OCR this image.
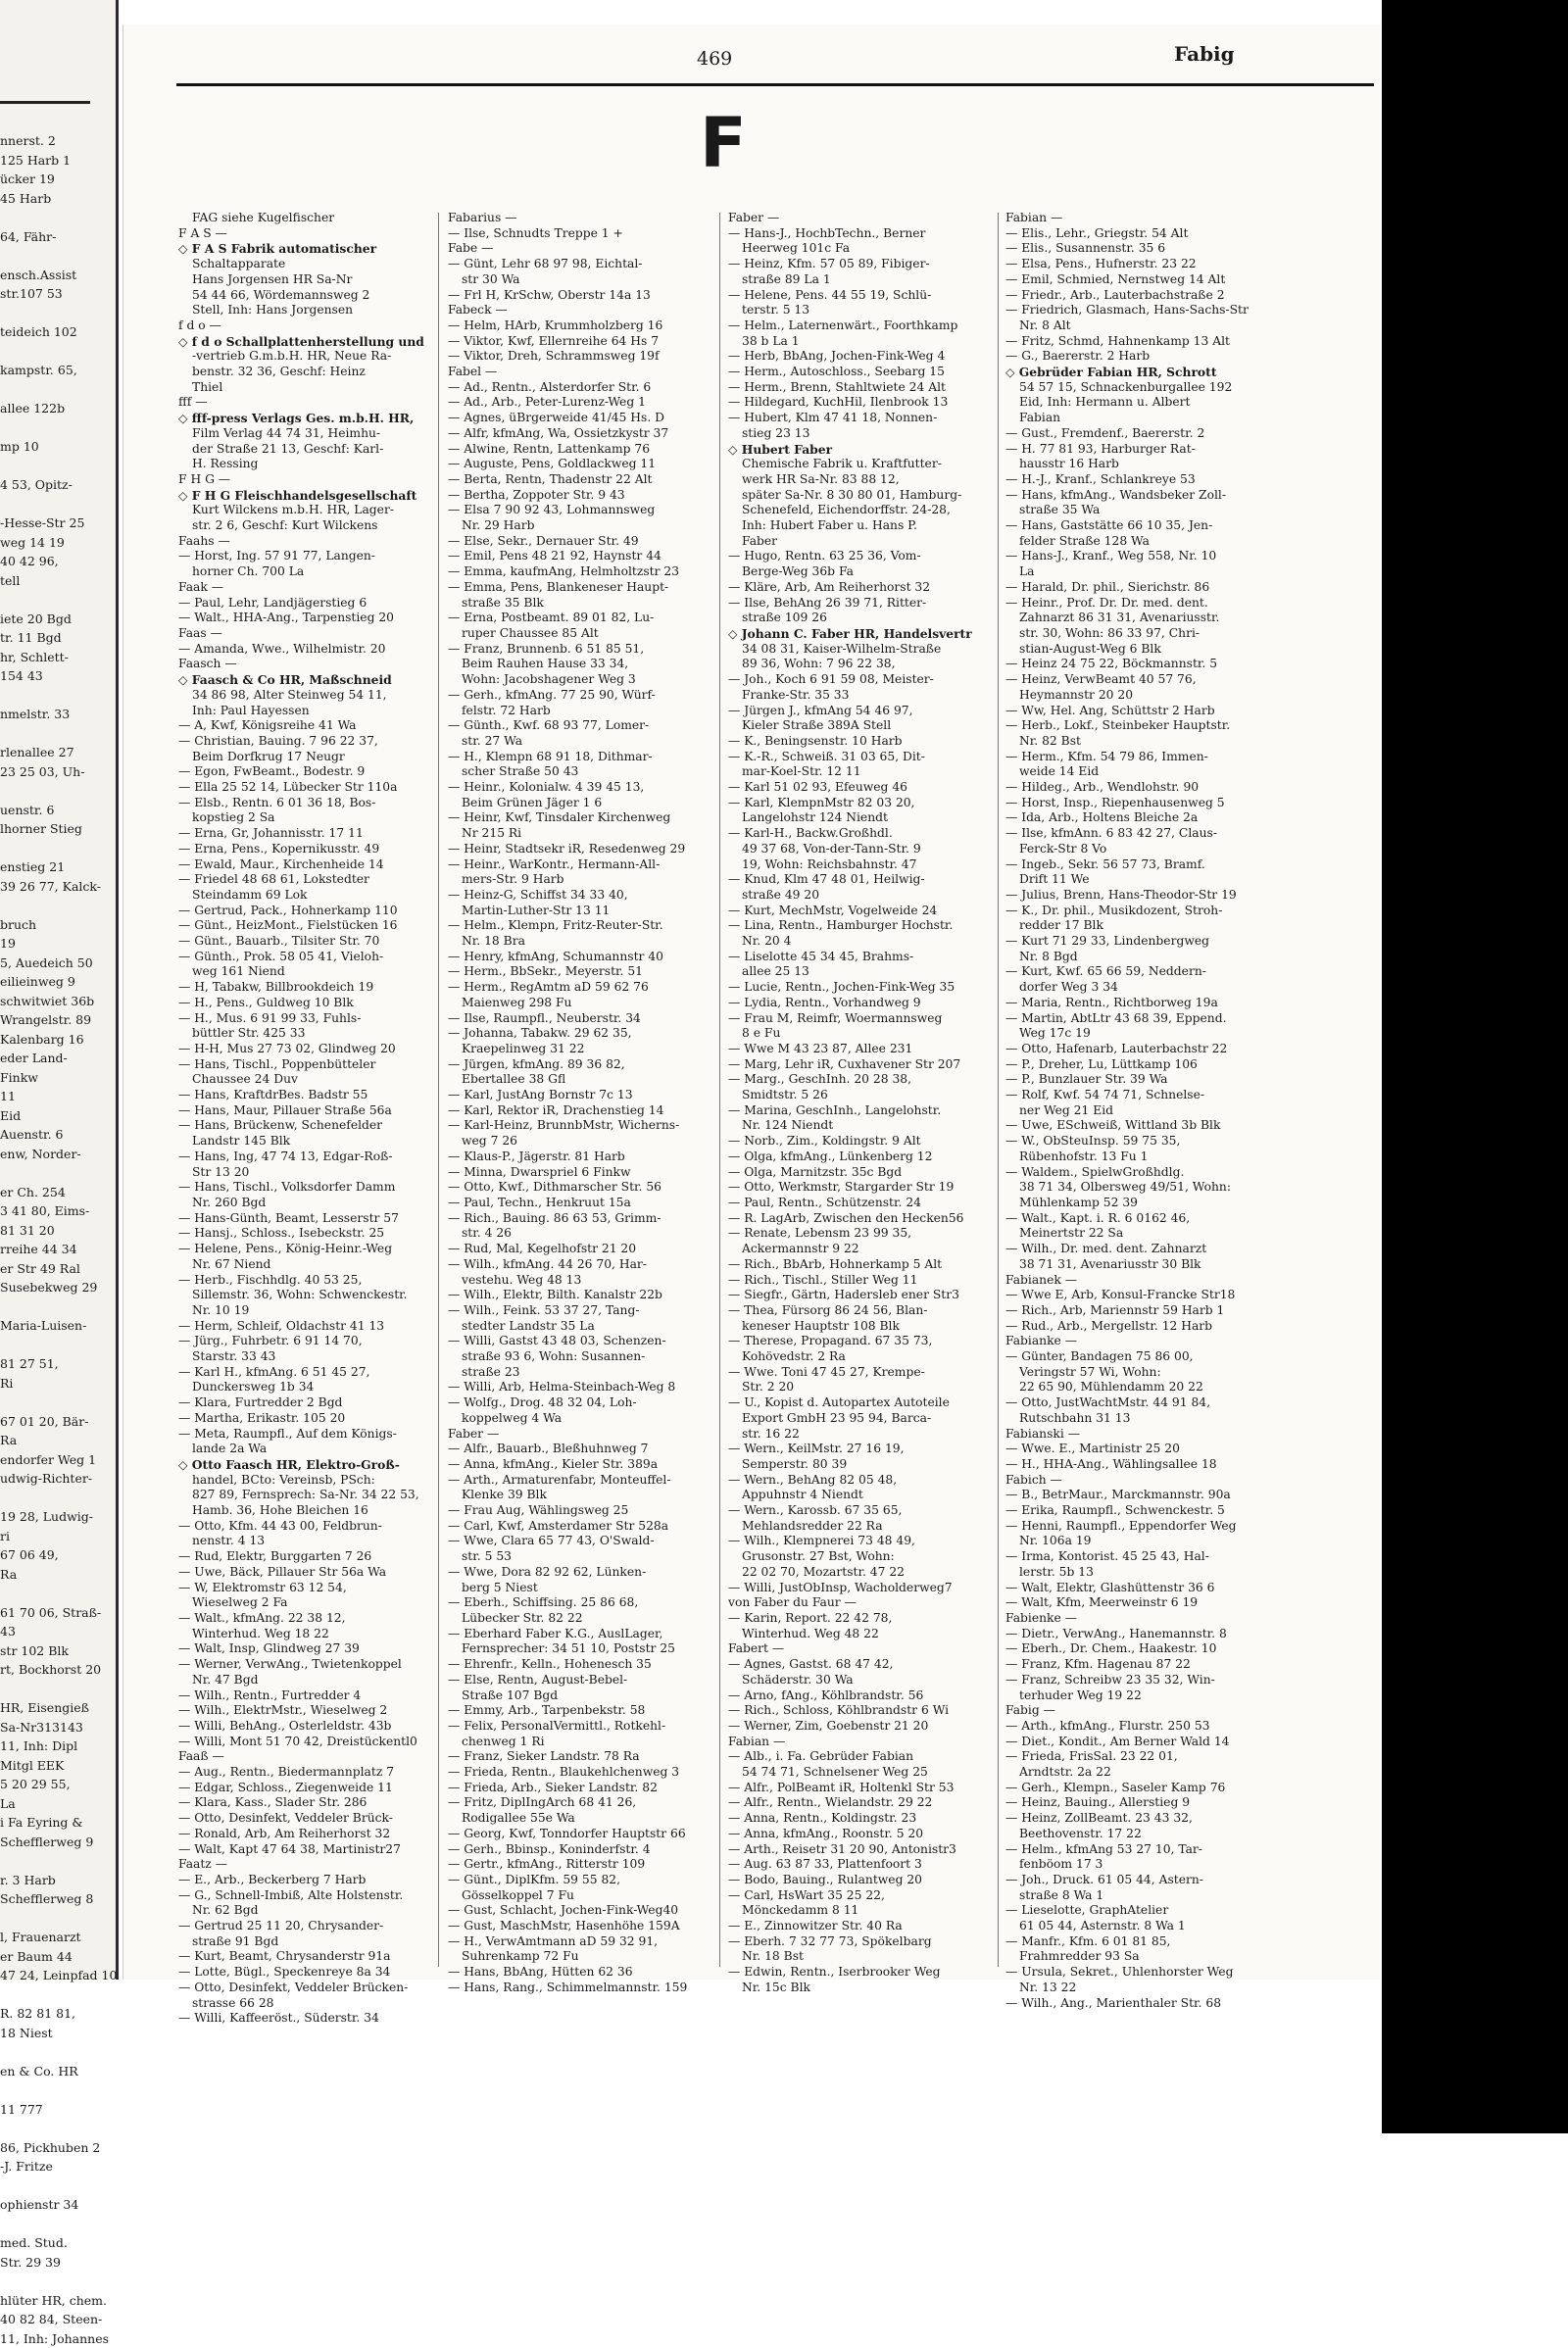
nnerst. 2
125 Harb 1
ücker 19
45 Harb

64, Fähr-

ensch.Assist
str.107 53

teideich 102

kampstr. 65,

allee 122b

mp 10

4 53, Opitz-

-Hesse-Str 25
weg 14 19
40 42 96,
tell

iete 20 Bgd
tr. 11 Bgd
hr, Schlett-
154 43

nmelstr. 33

rlenallee 27
23 25 03, Uh-

uenstr. 6
lhorner Stieg

enstieg 21
39 26 77, Kalck-

bruch
19
5, Auedeich 50
eilieinweg 9
schwitwiet 36b
Wrangelstr. 89
Kalenbarg 16
eder Land-
Finkw
11
Eid
Auenstr. 6
enw, Norder-

er Ch. 254
3 41 80, Eims-
81 31 20
rreihe 44 34
er Str 49 Ral
Susebekweg 29

Maria-Luisen-

81 27 51,
Ri

67 01 20, Bär-
Ra
endorfer Weg 1
udwig-Richter-

19 28, Ludwig-
ri
67 06 49,
Ra

61 70 06, Straß-
43
str 102 Blk
rt, Bockhorst 20

HR, Eisengieß
Sa-Nr313143
11, Inh: Dipl
Mitgl EEK
5 20 29 55,
La
i Fa Eyring &
Schefflerweg 9

r. 3 Harb
Schefflerweg 8

l, Frauenarzt
er Baum 44
47 24, Leinpfad 10

R. 82 81 81,
18 Niest

en & Co. HR

11 777

86, Pickhuben 2
-J. Fritze

ophienstr 34

med. Stud.
Str. 29 39

hlüter HR, chem.
40 82 84, Steen-
11, Inh: Johannes
469	Fabig
F
FAG siehe Kugelfischer
F A S —
◇ F A S Fabrik automatischer
Schaltapparate
Hans Jorgensen HR Sa-Nr
54 44 66, Wördemannsweg 2
Stell, Inh: Hans Jorgensen
f d o —
◇ f d o Schallplattenherstellung und
-vertrieb G.m.b.H. HR, Neue Ra-
benstr. 32 36, Geschf: Heinz
Thiel
fff —
◇ fff-press Verlags Ges. m.b.H. HR,
Film Verlag 44 74 31, Heimhu-
der Straße 21 13, Geschf: Karl-
H. Ressing
F H G —
◇ F H G Fleischhandelsgesellschaft
Kurt Wilckens m.b.H. HR, Lager-
str. 2 6, Geschf: Kurt Wilckens
Faahs —
— Horst, Ing. 57 91 77, Langen-
horner Ch. 700 La
Faak —
— Paul, Lehr, Landjägerstieg 6
— Walt., HHA-Ang., Tarpenstieg 20
Faas —
— Amanda, Wwe., Wilhelmistr. 20
Faasch —
◇ Faasch & Co HR, Maßschneid
34 86 98, Alter Steinweg 54 11,
Inh: Paul Hayessen
— A, Kwf, Königsreihe 41 Wa
— Christian, Bauing. 7 96 22 37,
Beim Dorfkrug 17 Neugr
— Egon, FwBeamt., Bodestr. 9
— Ella 25 52 14, Lübecker Str 110a
— Elsb., Rentn. 6 01 36 18, Bos-
kopstieg 2 Sa
— Erna, Gr, Johannisstr. 17 11
— Erna, Pens., Kopernikusstr. 49
— Ewald, Maur., Kirchenheide 14
— Friedel 48 68 61, Lokstedter
Steindamm 69 Lok
— Gertrud, Pack., Hohnerkamp 110
— Günt., HeizMont., Fielstücken 16
— Günt., Bauarb., Tilsiter Str. 70
— Günth., Prok. 58 05 41, Vieloh-
weg 161 Niend
— H, Tabakw, Billbrookdeich 19
— H., Pens., Guldweg 10 Blk
— H., Mus. 6 91 99 33, Fuhls-
büttler Str. 425 33
— H-H, Mus 27 73 02, Glindweg 20
— Hans, Tischl., Poppenbütteler
Chaussee 24 Duv
— Hans, KraftdrBes. Badstr 55
— Hans, Maur, Pillauer Straße 56a
— Hans, Brückenw, Schenefelder
Landstr 145 Blk
— Hans, Ing, 47 74 13, Edgar-Roß-
Str 13 20
— Hans, Tischl., Volksdorfer Damm
Nr. 260 Bgd
— Hans-Günth, Beamt, Lesserstr 57
— Hansj., Schloss., Isebeckstr. 25
— Helene, Pens., König-Heinr.-Weg
Nr. 67 Niend
— Herb., Fischhdlg. 40 53 25,
Sillemstr. 36, Wohn: Schwenckestr.
Nr. 10 19
— Herm, Schleif, Oldachstr 41 13
— Jürg., Fuhrbetr. 6 91 14 70,
Starstr. 33 43
— Karl H., kfmAng. 6 51 45 27,
Dunckersweg 1b 34
— Klara, Furtredder 2 Bgd
— Martha, Erikastr. 105 20
— Meta, Raumpfl., Auf dem Königs-
lande 2a Wa
◇ Otto Faasch HR, Elektro-Groß-
handel, BCto: Vereinsb, PSch:
827 89, Fernsprech: Sa-Nr. 34 22 53,
Hamb. 36, Hohe Bleichen 16
— Otto, Kfm. 44 43 00, Feldbrun-
nenstr. 4 13
— Rud, Elektr, Burggarten 7 26
— Uwe, Bäck, Pillauer Str 56a Wa
— W, Elektromstr 63 12 54,
Wieselweg 2 Fa
— Walt., kfmAng. 22 38 12,
Winterhud. Weg 18 22
— Walt, Insp, Glindweg 27 39
— Werner, VerwAng., Twietenkoppel
Nr. 47 Bgd
— Wilh., Rentn., Furtredder 4
— Wilh., ElektrMstr., Wieselweg 2
— Willi, BehAng., Osterleldstr. 43b
— Willi, Mont 51 70 42, Dreistückentl0
Faaß —
— Aug., Rentn., Biedermannplatz 7
— Edgar, Schloss., Ziegenweide 11
— Klara, Kass., Slader Str. 286
— Otto, Desinfekt, Veddeler Brück-
— Ronald, Arb, Am Reiherhorst 32
— Walt, Kapt 47 64 38, Martinistr27
Faatz —
— E., Arb., Beckerberg 7 Harb
— G., Schnell-Imbiß, Alte Holstenstr.
Nr. 62 Bgd
— Gertrud 25 11 20, Chrysander-
straße 91 Bgd
— Kurt, Beamt, Chrysanderstr 91a
— Lotte, Bügl., Speckenreye 8a 34
— Otto, Desinfekt, Veddeler Brücken-
strasse 66 28
— Willi, Kaffeeröst., Süderstr. 34
Fabarius —
— Ilse, Schnudts Treppe 1 +
Fabe —
— Günt, Lehr 68 97 98, Eichtal-
str 30 Wa
— Frl H, KrSchw, Oberstr 14a 13
Fabeck —
— Helm, HArb, Krummholzberg 16
— Viktor, Kwf, Ellernreihe 64 Hs 7
— Viktor, Dreh, Schrammsweg 19f
Fabel —
— Ad., Rentn., Alsterdorfer Str. 6
— Ad., Arb., Peter-Lurenz-Weg 1
— Agnes, üBrgerweide 41/45 Hs. D
— Alfr, kfmAng, Wa, Ossietzkystr 37
— Alwine, Rentn, Lattenkamp 76
— Auguste, Pens, Goldlackweg 11
— Berta, Rentn, Thadenstr 22 Alt
— Bertha, Zoppoter Str. 9 43
— Elsa 7 90 92 43, Lohmannsweg
Nr. 29 Harb
— Else, Sekr., Dernauer Str. 49
— Emil, Pens 48 21 92, Haynstr 44
— Emma, kaufmAng, Helmholtzstr 23
— Emma, Pens, Blankeneser Haupt-
straße 35 Blk
— Erna, Postbeamt. 89 01 82, Lu-
ruper Chaussee 85 Alt
— Franz, Brunnenb. 6 51 85 51,
Beim Rauhen Hause 33 34,
Wohn: Jacobshagener Weg 3
— Gerh., kfmAng. 77 25 90, Würf-
felstr. 72 Harb
— Günth., Kwf. 68 93 77, Lomer-
str. 27 Wa
— H., Klempn 68 91 18, Dithmar-
scher Straße 50 43
— Heinr., Kolonialw. 4 39 45 13,
Beim Grünen Jäger 1 6
— Heinr, Kwf, Tinsdaler Kirchenweg
Nr 215 Ri
— Heinr, Stadtsekr iR, Resedenweg 29
— Heinr., WarKontr., Hermann-All-
mers-Str. 9 Harb
— Heinz-G, Schiffst 34 33 40,
Martin-Luther-Str 13 11
— Helm., Klempn, Fritz-Reuter-Str.
Nr. 18 Bra
— Henry, kfmAng, Schumannstr 40
— Herm., BbSekr., Meyerstr. 51
— Herm., RegAmtm aD 59 62 76
Maienweg 298 Fu
— Ilse, Raumpfl., Neuberstr. 34
— Johanna, Tabakw. 29 62 35,
Kraepelinweg 31 22
— Jürgen, kfmAng. 89 36 82,
Ebertallee 38 Gfl
— Karl, JustAng Bornstr 7c 13
— Karl, Rektor iR, Drachenstieg 14
— Karl-Heinz, BrunnbMstr, Wicherns-
weg 7 26
— Klaus-P., Jägerstr. 81 Harb
— Minna, Dwarspriel 6 Finkw
— Otto, Kwf., Dithmarscher Str. 56
— Paul, Techn., Henkruut 15a
— Rich., Bauing. 86 63 53, Grimm-
str. 4 26
— Rud, Mal, Kegelhofstr 21 20
— Wilh., kfmAng. 44 26 70, Har-
vestehu. Weg 48 13
— Wilh., Elektr, Bilth. Kanalstr 22b
— Wilh., Feink. 53 37 27, Tang-
stedter Landstr 35 La
— Willi, Gastst 43 48 03, Schenzen-
straße 93 6, Wohn: Susannen-
straße 23
— Willi, Arb, Helma-Steinbach-Weg 8
— Wolfg., Drog. 48 32 04, Loh-
koppelweg 4 Wa
Faber —
— Alfr., Bauarb., Bleßhuhnweg 7
— Anna, kfmAng., Kieler Str. 389a
— Arth., Armaturenfabr, Monteuffel-
Klenke 39 Blk
— Frau Aug, Wählingsweg 25
— Carl, Kwf, Amsterdamer Str 528a
— Wwe, Clara 65 77 43, O'Swald-
str. 5 53
— Wwe, Dora 82 92 62, Lünken-
berg 5 Niest
— Eberh., Schiffsing. 25 86 68,
Lübecker Str. 82 22
— Eberhard Faber K.G., AuslLager,
Fernsprecher: 34 51 10, Poststr 25
— Ehrenfr., Kelln., Hohenesch 35
— Else, Rentn, August-Bebel-
Straße 107 Bgd
— Emmy, Arb., Tarpenbekstr. 58
— Felix, PersonalVermittl., Rotkehl-
chenweg 1 Ri
— Franz, Sieker Landstr. 78 Ra
— Frieda, Rentn., Blaukehlchenweg 3
— Frieda, Arb., Sieker Landstr. 82
— Fritz, DiplIngArch 68 41 26,
Rodigallee 55e Wa
— Georg, Kwf, Tonndorfer Hauptstr 66
— Gerh., Bbinsp., Koninderfstr. 4
— Gertr., kfmAng., Ritterstr 109
— Günt., DiplKfm. 59 55 82,
Gösselkoppel 7 Fu
— Gust, Schlacht, Jochen-Fink-Weg40
— Gust, MaschMstr, Hasenhöhe 159A
— H., VerwAmtmann aD 59 32 91,
Suhrenkamp 72 Fu
— Hans, BbAng, Hütten 62 36
— Hans, Rang., Schimmelmannstr. 159
Faber —
— Hans-J., HochbTechn., Berner
Heerweg 101c Fa
— Heinz, Kfm. 57 05 89, Fibiger-
straße 89 La 1
— Helene, Pens. 44 55 19, Schlü-
terstr. 5 13
— Helm., Laternenwärt., Foorthkamp
38 b La 1
— Herb, BbAng, Jochen-Fink-Weg 4
— Herm., Autoschloss., Seebarg 15
— Herm., Brenn, Stahltwiete 24 Alt
— Hildegard, KuchHil, Ilenbrook 13
— Hubert, Klm 47 41 18, Nonnen-
stieg 23 13
◇ Hubert Faber
Chemische Fabrik u. Kraftfutter-
werk HR Sa-Nr. 83 88 12,
später Sa-Nr. 8 30 80 01, Hamburg-
Schenefeld, Eichendorffstr. 24-28,
Inh: Hubert Faber u. Hans P.
Faber
— Hugo, Rentn. 63 25 36, Vom-
Berge-Weg 36b Fa
— Kläre, Arb, Am Reiherhorst 32
— Ilse, BehAng 26 39 71, Ritter-
straße 109 26
◇ Johann C. Faber HR, Handelsvertr
34 08 31, Kaiser-Wilhelm-Straße
89 36, Wohn: 7 96 22 38,
— Joh., Koch 6 91 59 08, Meister-
Franke-Str. 35 33
— Jürgen J., kfmAng 54 46 97,
Kieler Straße 389A Stell
— K., Beningsenstr. 10 Harb
— K.-R., Schweiß. 31 03 65, Dit-
mar-Koel-Str. 12 11
— Karl 51 02 93, Efeuweg 46
— Karl, KlempnMstr 82 03 20,
Langelohstr 124 Niendt
— Karl-H., Backw.Großhdl.
49 37 68, Von-der-Tann-Str. 9
19, Wohn: Reichsbahnstr. 47
— Knud, Klm 47 48 01, Heilwig-
straße 49 20
— Kurt, MechMstr, Vogelweide 24
— Lina, Rentn., Hamburger Hochstr.
Nr. 20 4
— Liselotte 45 34 45, Brahms-
allee 25 13
— Lucie, Rentn., Jochen-Fink-Weg 35
— Lydia, Rentn., Vorhandweg 9
— Frau M, Reimfr, Woermannsweg
8 e Fu
— Wwe M 43 23 87, Allee 231
— Marg, Lehr iR, Cuxhavener Str 207
— Marg., GeschInh. 20 28 38,
Smidtstr. 5 26
— Marina, GeschInh., Langelohstr.
Nr. 124 Niendt
— Norb., Zim., Koldingstr. 9 Alt
— Olga, kfmAng., Lünkenberg 12
— Olga, Marnitzstr. 35c Bgd
— Otto, Werkmstr, Stargarder Str 19
— Paul, Rentn., Schützenstr. 24
— R. LagArb, Zwischen den Hecken56
— Renate, Lebensm 23 99 35,
Ackermannstr 9 22
— Rich., BbArb, Hohnerkamp 5 Alt
— Rich., Tischl., Stiller Weg 11
— Siegfr., Gärtn, Hadersleb ener Str3
— Thea, Fürsorg 86 24 56, Blan-
keneser Hauptstr 108 Blk
— Therese, Propagand. 67 35 73,
Kohövedstr. 2 Ra
— Wwe. Toni 47 45 27, Krempe-
Str. 2 20
— U., Kopist d. Autopartex Autoteile
Export GmbH 23 95 94, Barca-
str. 16 22
— Wern., KeilMstr. 27 16 19,
Semperstr. 80 39
— Wern., BehAng 82 05 48,
Appuhnstr 4 Niendt
— Wern., Karossb. 67 35 65,
Mehlandsredder 22 Ra
— Wilh., Klempnerei 73 48 49,
Grusonstr. 27 Bst, Wohn:
22 02 70, Mozartstr. 47 22
— Willi, JustObInsp, Wacholderweg7
von Faber du Faur —
— Karin, Report. 22 42 78,
Winterhud. Weg 48 22
Fabert —
— Agnes, Gastst. 68 47 42,
Schäderstr. 30 Wa
— Arno, fAng., Köhlbrandstr. 56
— Rich., Schloss, Köhlbrandstr 6 Wi
— Werner, Zim, Goebenstr 21 20
Fabian —
— Alb., i. Fa. Gebrüder Fabian
54 74 71, Schnelsener Weg 25
— Alfr., PolBeamt iR, Holtenkl Str 53
— Alfr., Rentn., Wielandstr. 29 22
— Anna, Rentn., Koldingstr. 23
— Anna, kfmAng., Roonstr. 5 20
— Arth., Reisetr 31 20 90, Antonistr3
— Aug. 63 87 33, Plattenfoort 3
— Bodo, Bauing., Rulantweg 20
— Carl, HsWart 35 25 22,
Mönckedamm 8 11
— E., Zinnowitzer Str. 40 Ra
— Eberh. 7 32 77 73, Spökelbarg
Nr. 18 Bst
— Edwin, Rentn., Iserbrooker Weg
Nr. 15c Blk
Fabian —
— Elis., Lehr., Griegstr. 54 Alt
— Elis., Susannenstr. 35 6
— Elsa, Pens., Hufnerstr. 23 22
— Emil, Schmied, Nernstweg 14 Alt
— Friedr., Arb., Lauterbachstraße 2
— Friedrich, Glasmach, Hans-Sachs-Str
Nr. 8 Alt
— Fritz, Schmd, Hahnenkamp 13 Alt
— G., Baererstr. 2 Harb
◇ Gebrüder Fabian HR, Schrott
54 57 15, Schnackenburgallee 192
Eid, Inh: Hermann u. Albert
Fabian
— Gust., Fremdenf., Baererstr. 2
— H. 77 81 93, Harburger Rat-
hausstr 16 Harb
— H.-J., Kranf., Schlankreye 53
— Hans, kfmAng., Wandsbeker Zoll-
straße 35 Wa
— Hans, Gaststätte 66 10 35, Jen-
felder Straße 128 Wa
— Hans-J., Kranf., Weg 558, Nr. 10
La
— Harald, Dr. phil., Sierichstr. 86
— Heinr., Prof. Dr. Dr. med. dent.
Zahnarzt 86 31 31, Avenariusstr.
str. 30, Wohn: 86 33 97, Chri-
stian-August-Weg 6 Blk
— Heinz 24 75 22, Böckmannstr. 5
— Heinz, VerwBeamt 40 57 76,
Heymannstr 20 20
— Ww, Hel. Ang, Schüttstr 2 Harb
— Herb., Lokf., Steinbeker Hauptstr.
Nr. 82 Bst
— Herm., Kfm. 54 79 86, Immen-
weide 14 Eid
— Hildeg., Arb., Wendlohstr. 90
— Horst, Insp., Riepenhausenweg 5
— Ida, Arb., Holtens Bleiche 2a
— Ilse, kfmAnn. 6 83 42 27, Claus-
Ferck-Str 8 Vo
— Ingeb., Sekr. 56 57 73, Bramf.
Drift 11 We
— Julius, Brenn, Hans-Theodor-Str 19
— K., Dr. phil., Musikdozent, Stroh-
redder 17 Blk
— Kurt 71 29 33, Lindenbergweg
Nr. 8 Bgd
— Kurt, Kwf. 65 66 59, Neddern-
dorfer Weg 3 34
— Maria, Rentn., Richtborweg 19a
— Martin, AbtLtr 43 68 39, Eppend.
Weg 17c 19
— Otto, Hafenarb, Lauterbachstr 22
— P., Dreher, Lu, Lüttkamp 106
— P., Bunzlauer Str. 39 Wa
— Rolf, Kwf. 54 74 71, Schnelse-
ner Weg 21 Eid
— Uwe, ESchweiß, Wittland 3b Blk
— W., ObSteuInsp. 59 75 35,
Rübenhofstr. 13 Fu 1
— Waldem., SpielwGroßhdlg.
38 71 34, Olbersweg 49/51, Wohn:
Mühlenkamp 52 39
— Walt., Kapt. i. R. 6 0162 46,
Meinertstr 22 Sa
— Wilh., Dr. med. dent. Zahnarzt
38 71 31, Avenariusstr 30 Blk
Fabianek —
— Wwe E, Arb, Konsul-Francke Str18
— Rich., Arb, Mariennstr 59 Harb 1
— Rud., Arb., Mergellstr. 12 Harb
Fabianke —
— Günter, Bandagen 75 86 00,
Veringstr 57 Wi, Wohn:
22 65 90, Mühlendamm 20 22
— Otto, JustWachtMstr. 44 91 84,
Rutschbahn 31 13
Fabianski —
— Wwe. E., Martinistr 25 20
— H., HHA-Ang., Wählingsallee 18
Fabich —
— B., BetrMaur., Marckmannstr. 90a
— Erika, Raumpfl., Schwenckestr. 5
— Henni, Raumpfl., Eppendorfer Weg
Nr. 106a 19
— Irma, Kontorist. 45 25 43, Hal-
lerstr. 5b 13
— Walt, Elektr, Glashüttenstr 36 6
— Walt, Kfm, Meerweinstr 6 19
Fabienke —
— Dietr., VerwAng., Hanemannstr. 8
— Eberh., Dr. Chem., Haakestr. 10
— Franz, Kfm. Hagenau 87 22
— Franz, Schreibw 23 35 32, Win-
terhuder Weg 19 22
Fabig —
— Arth., kfmAng., Flurstr. 250 53
— Diet., Kondit., Am Berner Wald 14
— Frieda, FrisSal. 23 22 01,
Arndtstr. 2a 22
— Gerh., Klempn., Saseler Kamp 76
— Heinz, Bauing., Allerstieg 9
— Heinz, ZollBeamt. 23 43 32,
Beethovenstr. 17 22
— Helm., kfmAng 53 27 10, Tar-
fenböom 17 3
— Joh., Druck. 61 05 44, Astern-
straße 8 Wa 1
— Lieselotte, GraphAtelier
61 05 44, Asternstr. 8 Wa 1
— Manfr., Kfm. 6 01 81 85,
Frahmredder 93 Sa
— Ursula, Sekret., Uhlenhorster Weg
Nr. 13 22
— Wilh., Ang., Marienthaler Str. 68
